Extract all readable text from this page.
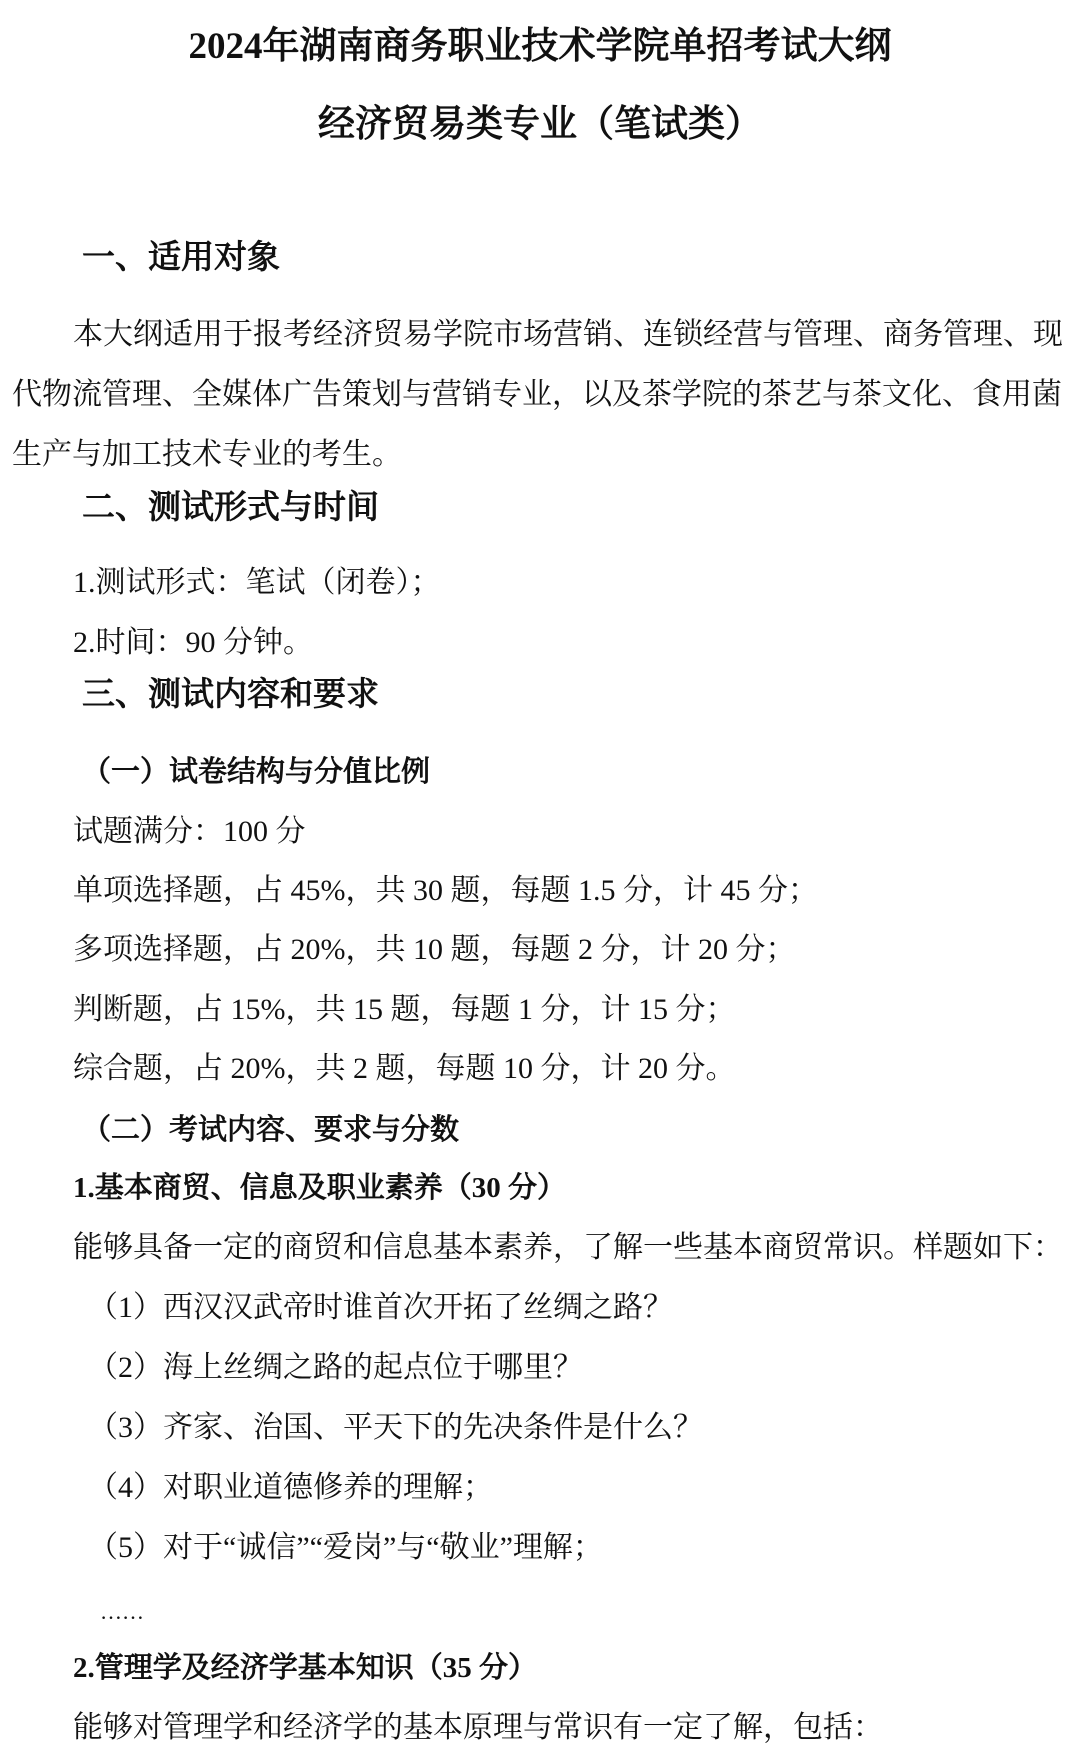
2024年湖南商务职业技术学院单招考试大纲
经济贸易类专业（笔试类）
一、适用对象
本大纲适用于报考经济贸易学院市场营销、连锁经营与管理、商务管理、现
代物流管理、全媒体广告策划与营销专业，以及茶学院的茶艺与茶文化、食用菌
生产与加工技术专业的考生。
二、测试形式与时间
1.测试形式：笔试（闭卷）；
2.时间：90 分钟。
三、测试内容和要求
（一）试卷结构与分值比例
试题满分：100 分
单项选择题，占 45%，共 30 题，每题 1.5 分，计 45 分；
多项选择题，占 20%，共 10 题，每题 2 分，计 20 分；
判断题，占 15%，共 15 题，每题 1 分，计 15 分；
综合题，占 20%，共 2 题，每题 10 分，计 20 分。
（二）考试内容、要求与分数
1.基本商贸、信息及职业素养（30 分）
能够具备一定的商贸和信息基本素养，了解一些基本商贸常识。样题如下：
（1）西汉汉武帝时谁首次开拓了丝绸之路？
（2）海上丝绸之路的起点位于哪里？
（3）齐家、治国、平天下的先决条件是什么？
（4）对职业道德修养的理解；
（5）对于“诚信”“爱岗”与“敬业”理解；
……
2.管理学及经济学基本知识（35 分）
能够对管理学和经济学的基本原理与常识有一定了解，包括：
